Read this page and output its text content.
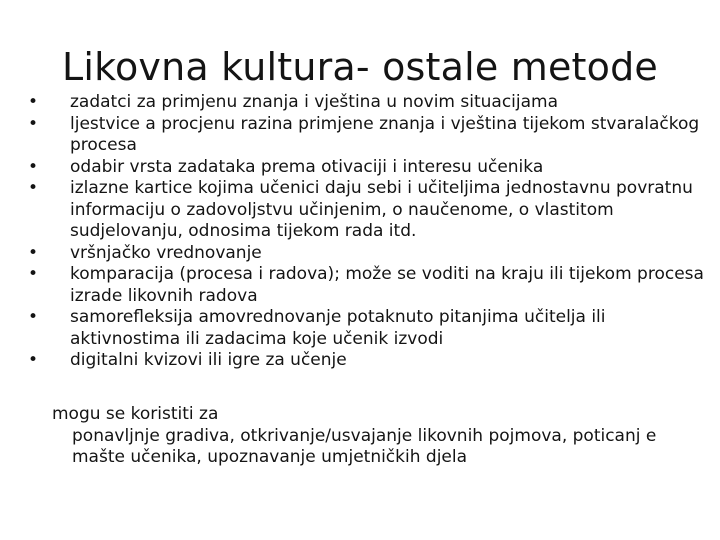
Likovna kultura- ostale metode
• zadatci za primjenu znanja i vještina u novim situacijama
• ljestvice a procjenu razina primjene znanja i vještina tijekom stvaralačkog procesa
• odabir vrsta zadataka prema otivaciji i interesu učenika
• izlazne kartice kojima učenici daju sebi i učiteljima jednostavnu povratnu informaciju o zadovoljstvu učinjenim, o naučenome, o vlastitom sudjelovanju, odnosima tijekom rada itd.
• vršnjačko vrednovanje
• komparacija (procesa i radova); može se voditi na kraju ili tijekom procesa izrade likovnih radova
• samorefleksija amovrednovanje potaknuto pitanjima učitelja ili aktivnostima ili zadacima koje učenik izvodi
• digitalni kvizovi ili igre za učenje
mogu se koristiti za
ponavljnje gradiva, otkrivanje/usvajanje likovnih pojmova, poticanj e mašte učenika, upoznavanje umjetničkih djela
